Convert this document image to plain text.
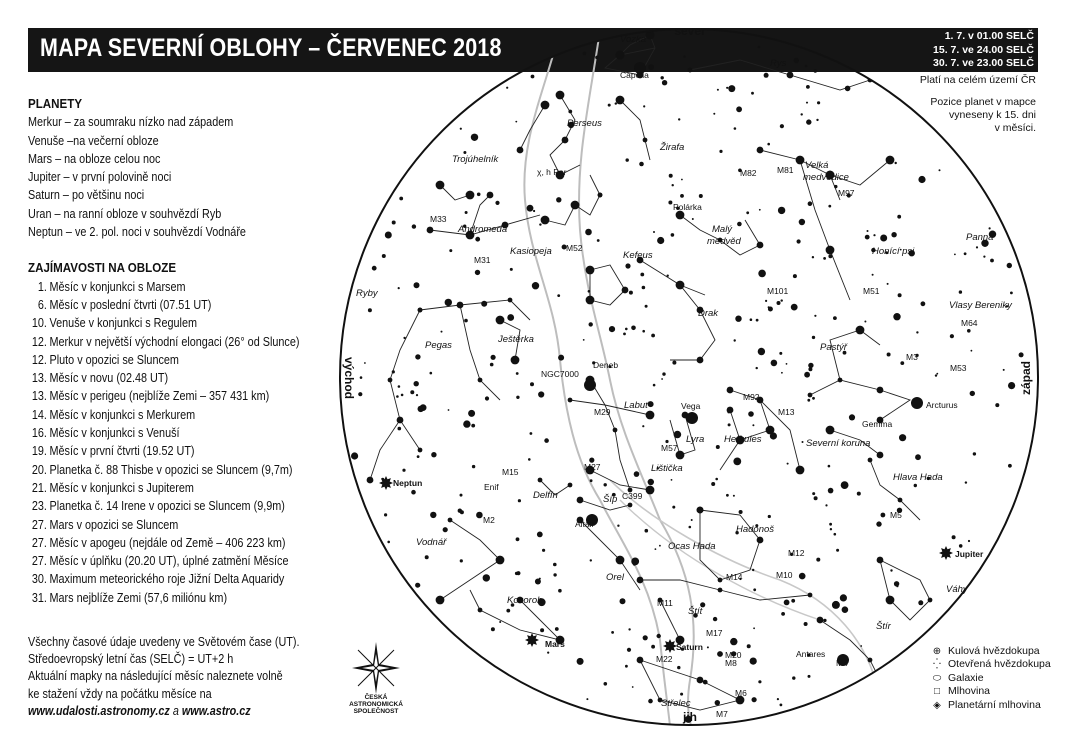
MAPA SEVERNÍ OBLOHY – ČERVENEC 2018	1. 7. v 01.00 SELČ
15. 7. ve 24.00 SELČ
30. 7. ve 23.00 SELČ
Platí na celém území ČR
Pozice planet v mapce
vyneseny k 15. dni
v měsíci.
PLANETY
Merkur – za soumraku nízko nad západem
Venuše –na večerní obloze
Mars – na obloze celou noc
Jupiter – v první polovině noci
Saturn – po většinu noci
Uran – na ranní obloze v souhvězdí Ryb
Neptun – ve 2. pol. noci v souhvězdí Vodnáře
ZAJÍMAVOSTI NA OBLOZE
1. Měsíc v konjunkci s Marsem
6. Měsíc v poslední čtvrti (07.51 UT)
10. Venuše v konjunkci s Regulem
12. Merkur v největší východní elongaci (26° od Slunce)
12. Pluto v opozici se Sluncem
13. Měsíc v novu (02.48 UT)
13. Měsíc v perigeu (nejblíže Zemi – 357 431 km)
14. Měsíc v konjunkci s Merkurem
16. Měsíc v konjunkci s Venuší
19. Měsíc v první čtvrti (19.52 UT)
20. Planetka č. 88 Thisbe v opozici se Sluncem (9,7m)
21. Měsíc v konjunkci s Jupiterem
23. Planetka č. 14 Irene v opozici se Sluncem (9,9m)
27. Mars v opozici se Sluncem
27. Měsíc v apogeu (nejdále od Země – 406 223 km)
27. Měsíc v úplňku (20.20 UT), úplné zatmění Měsíce
30. Maximum meteorického roje Jižní Delta Aquaridy
31. Mars nejblíže Zemi (57,6 miliónu km)
Všechny časové údaje uvedeny ve Světovém čase (UT).
Středoevropský letní čas (SELČ) = UT+2 h
Aktuální mapky na následující měsíc naleznete volně
ke stažení vždy na počátku měsíce na
www.udalosti.astronomy.cz a www.astro.cz
sever
jih
východ	západ
Vozka
Rys
Perseus
Žirafa
Trojúhelník
Velká
medvědice
Andromeda
Kasiopeja
Malý
medvěd
Honící psi
Panna
Kefeus
Ryby
Drak
Vlasy Bereniky
Pegas
Ještěrka
Pastýř
Labuť
Lyra Herkules	Severní koruna
Lištička
Šíp
Delfín
Hlava Hada
Hadonoš
Vodnář	Ocas Hada
Orel
Váhy
Kozoroh
Štít
Štír
Střelec
Capella
Polárka
Deneb
Vega	Arcturus
Gemma
Altair
Enif
Antares
χ, h Per
M33
M31
M52
M82 M81
M97
M101	M51
M64
M3
M53
NGC7000
M29
M92
M13
M57
M27
C399
M15
M2
M12
M10
M14
M5
M11
M17
M20
M8
M22
M6
M7
M4
Neptun
Jupiter
Saturn
Mars
⊕ Kulová hvězdokupa
⁛ Otevřená hvězdokupa
⬭ Galaxie
□ Mlhovina
◈ Planetární mlhovina
ČESKÁ
ASTRONOMICKÁ
SPOLEČNOST
